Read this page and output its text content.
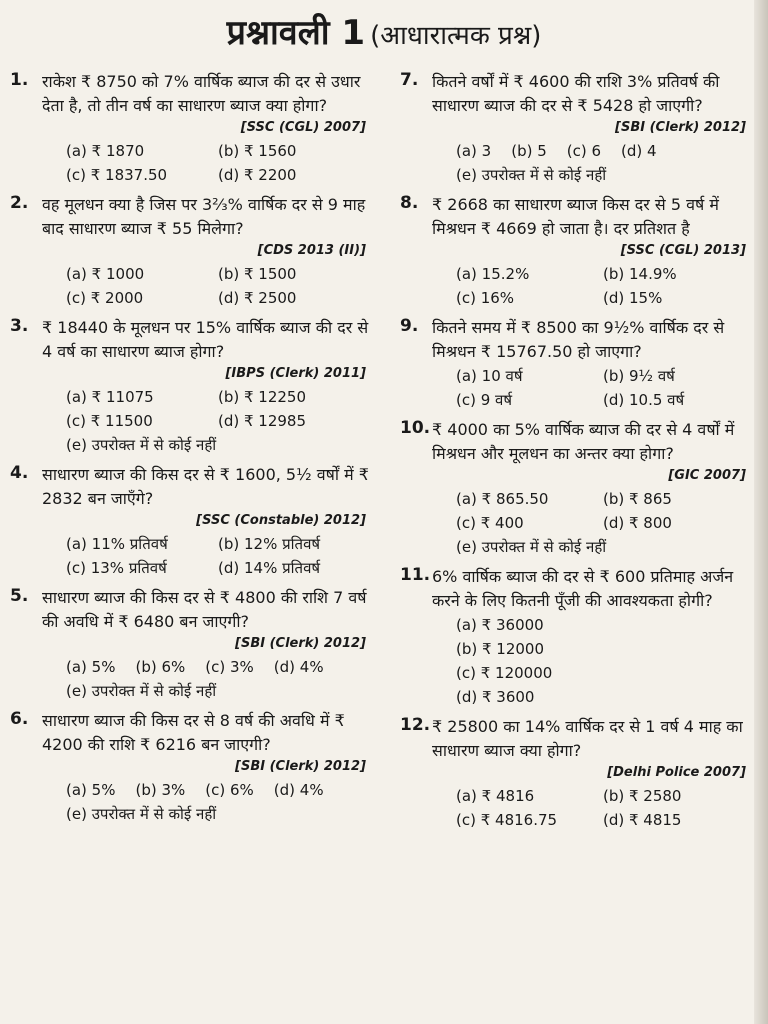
प्रश्नावली 1 (आधारात्मक प्रश्न)
1. राकेश ₹ 8750 को 7% वार्षिक ब्याज की दर से उधार देता है, तो तीन वर्ष का साधारण ब्याज क्या होगा?
[SSC (CGL) 2007]
(a) ₹ 1870	(b) ₹ 1560
(c) ₹ 1837.50	(d) ₹ 2200
2. वह मूलधन क्या है जिस पर 3²⁄₃% वार्षिक दर से 9 माह बाद साधारण ब्याज ₹ 55 मिलेगा?
[CDS 2013 (II)]
(a) ₹ 1000	(b) ₹ 1500
(c) ₹ 2000	(d) ₹ 2500
3. ₹ 18440 के मूलधन पर 15% वार्षिक ब्याज की दर से 4 वर्ष का साधारण ब्याज होगा?
[IBPS (Clerk) 2011]
(a) ₹ 11075	(b) ₹ 12250
(c) ₹ 11500	(d) ₹ 12985
(e) उपरोक्त में से कोई नहीं
4. साधारण ब्याज की किस दर से ₹ 1600, 5½ वर्षों में ₹ 2832 बन जाएँगे?
[SSC (Constable) 2012]
(a) 11% प्रतिवर्ष	(b) 12% प्रतिवर्ष
(c) 13% प्रतिवर्ष	(d) 14% प्रतिवर्ष
5. साधारण ब्याज की किस दर से ₹ 4800 की राशि 7 वर्ष की अवधि में ₹ 6480 बन जाएगी?
[SBI (Clerk) 2012]
(a) 5% (b) 6% (c) 3% (d) 4%
(e) उपरोक्त में से कोई नहीं
6. साधारण ब्याज की किस दर से 8 वर्ष की अवधि में ₹ 4200 की राशि ₹ 6216 बन जाएगी?
[SBI (Clerk) 2012]
(a) 5% (b) 3% (c) 6% (d) 4%
(e) उपरोक्त में से कोई नहीं
7. कितने वर्षों में ₹ 4600 की राशि 3% प्रतिवर्ष की साधारण ब्याज की दर से ₹ 5428 हो जाएगी?
[SBI (Clerk) 2012]
(a) 3 (b) 5 (c) 6 (d) 4
(e) उपरोक्त में से कोई नहीं
8. ₹ 2668 का साधारण ब्याज किस दर से 5 वर्ष में मिश्रधन ₹ 4669 हो जाता है। दर प्रतिशत है
[SSC (CGL) 2013]
(a) 15.2%	(b) 14.9%
(c) 16%	(d) 15%
9. कितने समय में ₹ 8500 का 9½% वार्षिक दर से मिश्रधन ₹ 15767.50 हो जाएगा?
(a) 10 वर्ष	(b) 9½ वर्ष
(c) 9 वर्ष	(d) 10.5 वर्ष
10. ₹ 4000 का 5% वार्षिक ब्याज की दर से 4 वर्षों में मिश्रधन और मूलधन का अन्तर क्या होगा?
[GIC 2007]
(a) ₹ 865.50	(b) ₹ 865
(c) ₹ 400	(d) ₹ 800
(e) उपरोक्त में से कोई नहीं
11. 6% वार्षिक ब्याज की दर से ₹ 600 प्रतिमाह अर्जन करने के लिए कितनी पूँजी की आवश्यकता होगी?
(a) ₹ 36000
(b) ₹ 12000
(c) ₹ 120000
(d) ₹ 3600
12. ₹ 25800 का 14% वार्षिक दर से 1 वर्ष 4 माह का साधारण ब्याज क्या होगा?
[Delhi Police 2007]
(a) ₹ 4816	(b) ₹ 2580
(c) ₹ 4816.75	(d) ₹ 4815
